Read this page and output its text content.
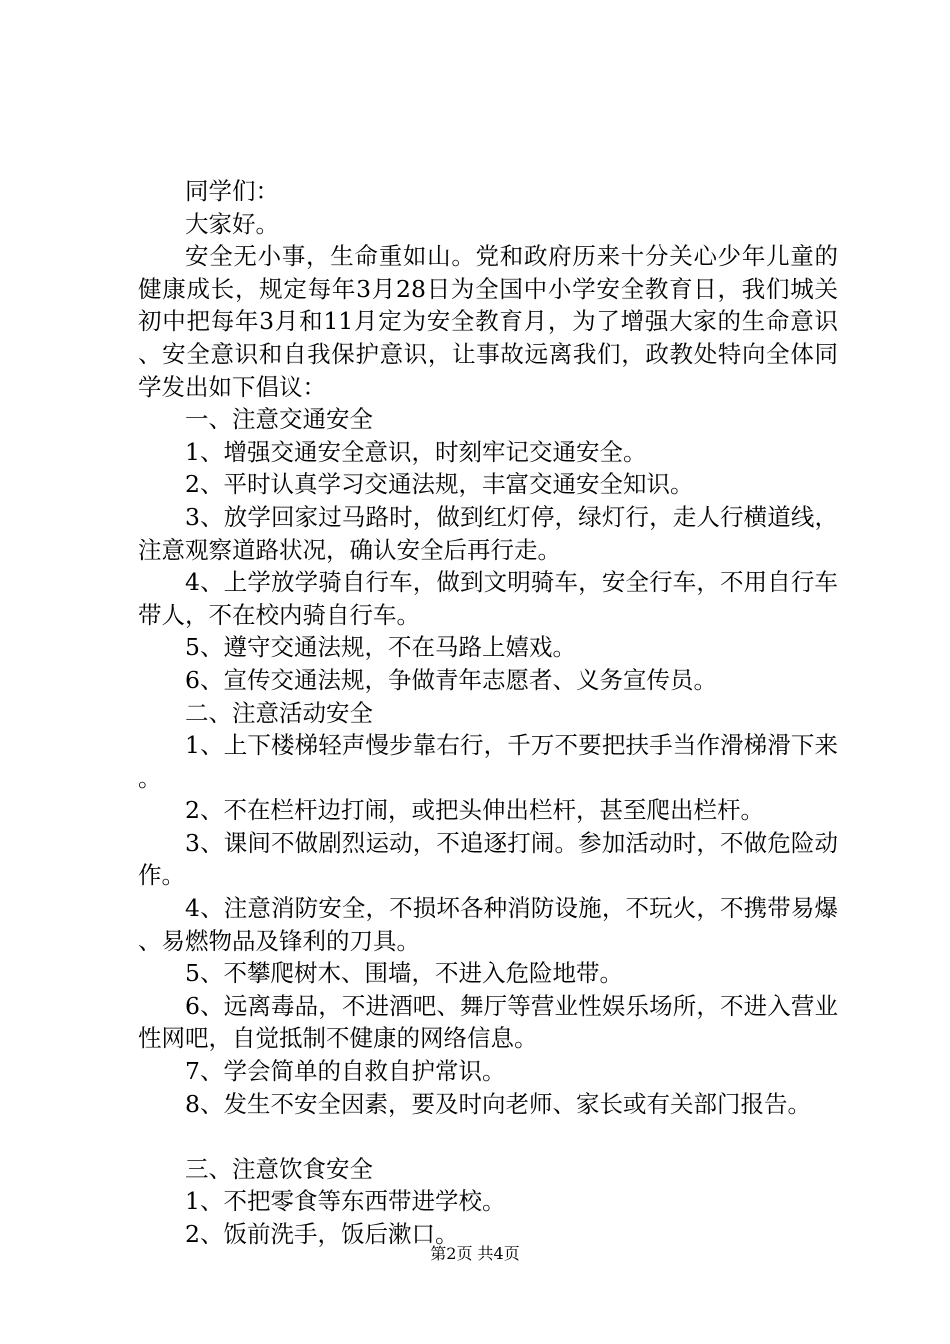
同学们：

大家好。

安全无小事，生命重如山。党和政府历来十分关心少年儿童的健康成长，规定每年3月28日为全国中小学安全教育日，我们城关初中把每年3月和11月定为安全教育月，为了增强大家的生命意识、安全意识和自我保护意识，让事故远离我们，政教处特向全体同学发出如下倡议：

一、注意交通安全

1、增强交通安全意识，时刻牢记交通安全。

2、平时认真学习交通法规，丰富交通安全知识。

3、放学回家过马路时，做到红灯停，绿灯行，走人行横道线，注意观察道路状况，确认安全后再行走。

4、上学放学骑自行车，做到文明骑车，安全行车，不用自行车带人，不在校内骑自行车。

5、遵守交通法规，不在马路上嬉戏。

6、宣传交通法规，争做青年志愿者、义务宣传员。

二、注意活动安全

1、上下楼梯轻声慢步靠右行，千万不要把扶手当作滑梯滑下来。

2、不在栏杆边打闹，或把头伸出栏杆，甚至爬出栏杆。

3、课间不做剧烈运动，不追逐打闹。参加活动时，不做危险动作。

4、注意消防安全，不损坏各种消防设施，不玩火，不携带易爆、易燃物品及锋利的刀具。

5、不攀爬树木、围墙，不进入危险地带。

6、远离毒品，不进酒吧、舞厅等营业性娱乐场所，不进入营业性网吧，自觉抵制不健康的网络信息。

7、学会简单的自救自护常识。

8、发生不安全因素，要及时向老师、家长或有关部门报告。

三、注意饮食安全

1、不把零食等东西带进学校。

2、饭前洗手，饭后漱口。

第2页 共4页
